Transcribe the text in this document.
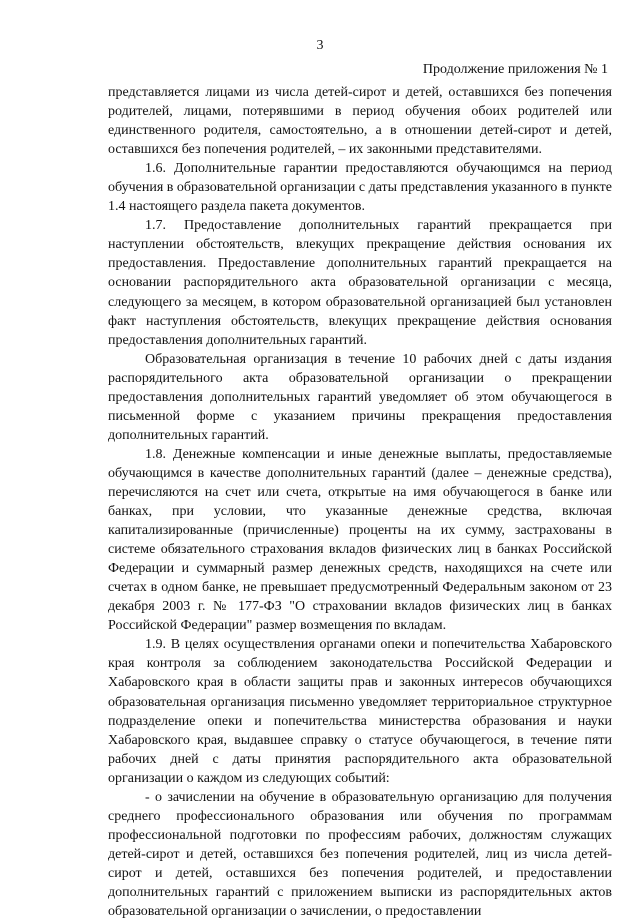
3
Продолжение приложения № 1

представляется лицами из числа детей-сирот и детей, оставшихся без попечения родителей, лицами, потерявшими в период обучения обоих родителей или единственного родителя, самостоятельно, а в отношении детей-сирот и детей, оставшихся без попечения родителей, – их законными представителями.

1.6. Дополнительные гарантии предоставляются обучающимся на период обучения в образовательной организации с даты представления указанного в пункте 1.4 настоящего раздела пакета документов.

1.7. Предоставление дополнительных гарантий прекращается при наступлении обстоятельств, влекущих прекращение действия основания их предоставления. Предоставление дополнительных гарантий прекращается на основании распорядительного акта образовательной организации с месяца, следующего за месяцем, в котором образовательной организацией был установлен факт наступления обстоятельств, влекущих прекращение действия основания предоставления дополнительных гарантий.

Образовательная организация в течение 10 рабочих дней с даты издания распорядительного акта образовательной организации о прекращении предоставления дополнительных гарантий уведомляет об этом обучающегося в письменной форме с указанием причины прекращения предоставления дополнительных гарантий.

1.8. Денежные компенсации и иные денежные выплаты, предоставляемые обучающимся в качестве дополнительных гарантий (далее – денежные средства), перечисляются на счет или счета, открытые на имя обучающегося в банке или банках, при условии, что указанные денежные средства, включая капитализированные (причисленные) проценты на их сумму, застрахованы в системе обязательного страхования вкладов физических лиц в банках Российской Федерации и суммарный размер денежных средств, находящихся на счете или счетах в одном банке, не превышает предусмотренный Федеральным законом от 23 декабря 2003 г. № 177-ФЗ "О страховании вкладов физических лиц в банках Российской Федерации" размер возмещения по вкладам.

1.9. В целях осуществления органами опеки и попечительства Хабаровского края контроля за соблюдением законодательства Российской Федерации и Хабаровского края в области защиты прав и законных интересов обучающихся образовательная организация письменно уведомляет территориальное структурное подразделение опеки и попечительства министерства образования и науки Хабаровского края, выдавшее справку о статусе обучающегося, в течение пяти рабочих дней с даты принятия распорядительного акта образовательной организации о каждом из следующих событий:

- о зачислении на обучение в образовательную организацию для получения среднего профессионального образования или обучения по программам профессиональной подготовки по профессиям рабочих, должностям служащих детей-сирот и детей, оставшихся без попечения родителей, лиц из числа детей-сирот и детей, оставшихся без попечения родителей, и предоставлении дополнительных гарантий с приложением выписки из распорядительных актов образовательной организации о зачислении, о предоставлении
